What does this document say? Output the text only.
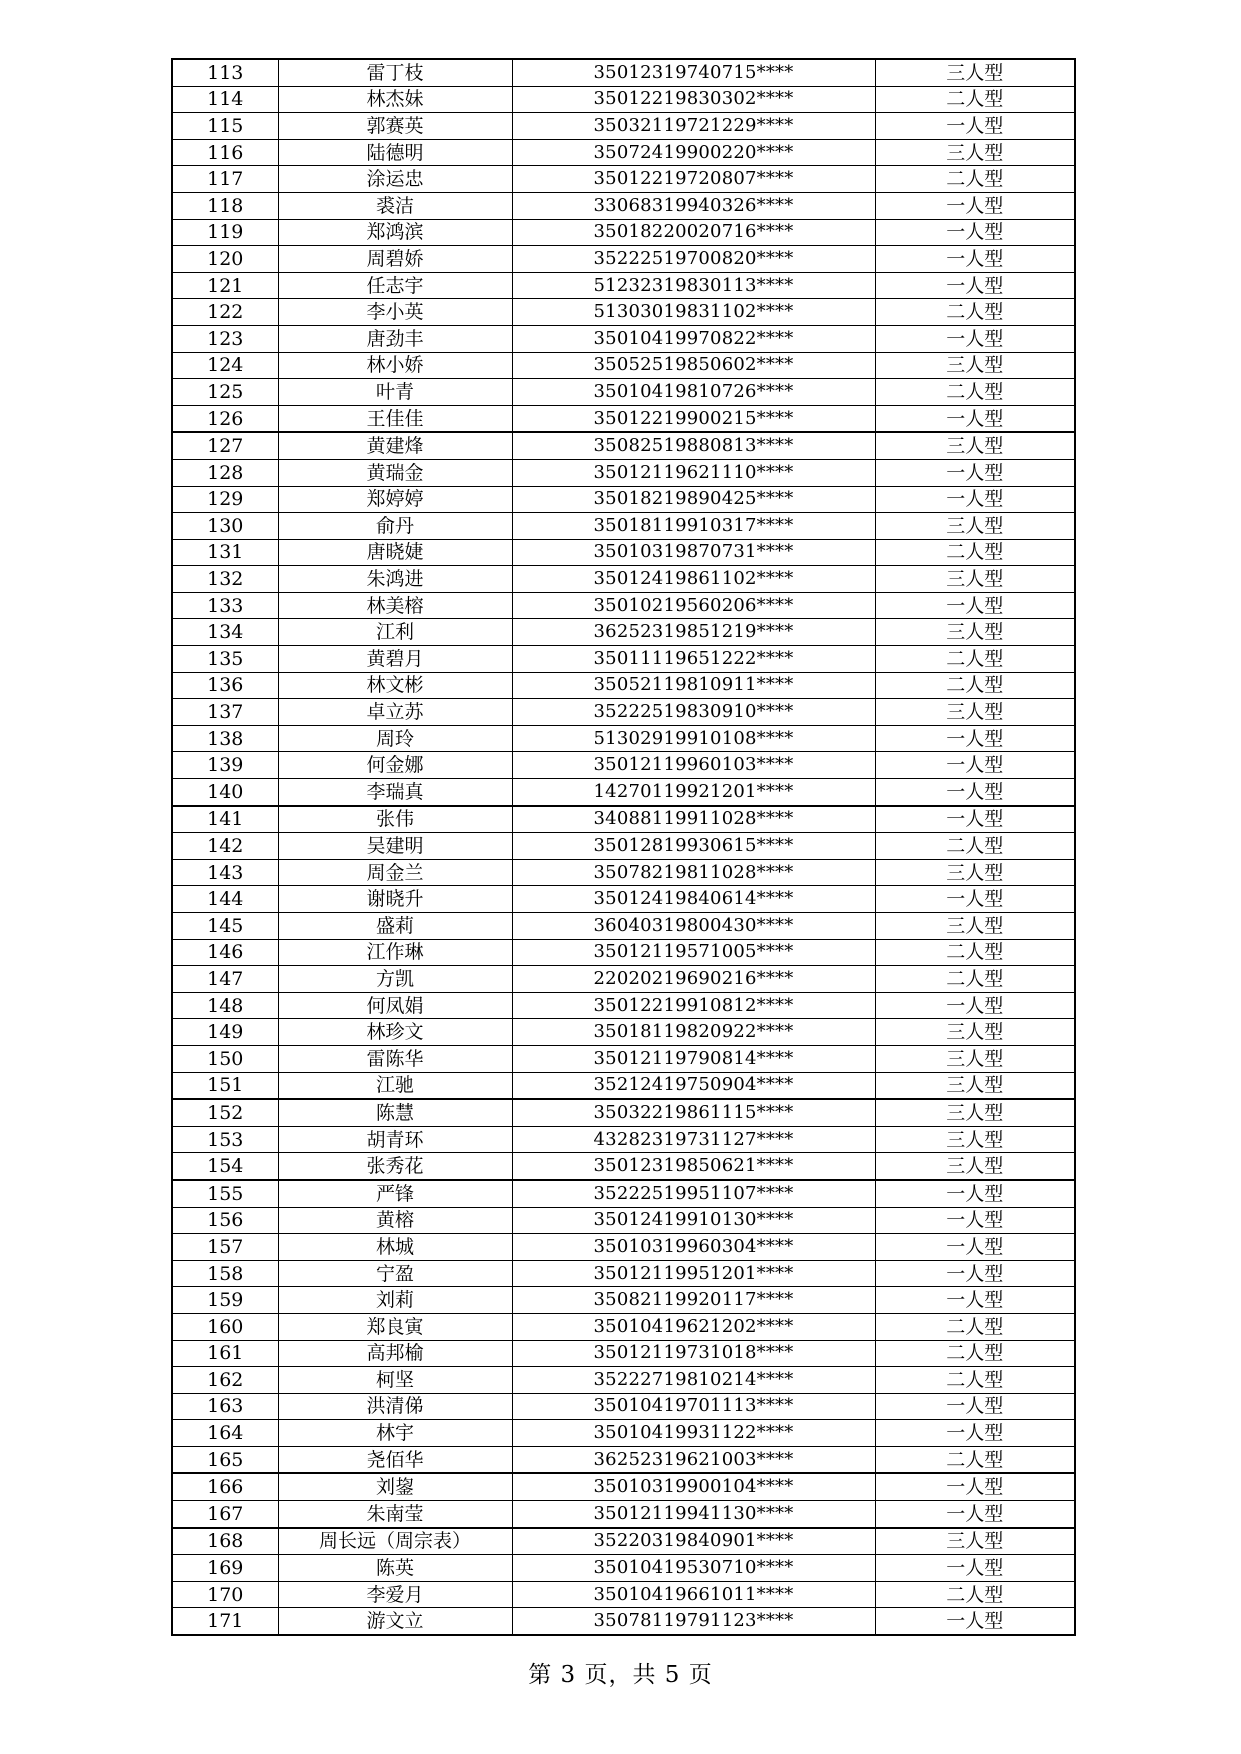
113	雷丁枝	35012319740715****	三人型
114	林杰妹	35012219830302****	二人型
115	郭赛英	35032119721229****	一人型
116	陆德明	35072419900220****	三人型
117	涂运忠	35012219720807****	二人型
118	裘洁	33068319940326****	一人型
119	郑鸿滨	35018220020716****	一人型
120	周碧娇	35222519700820****	一人型
121	任志宇	51232319830113****	一人型
122	李小英	51303019831102****	二人型
123	唐劲丰	35010419970822****	一人型
124	林小娇	35052519850602****	三人型
125	叶青	35010419810726****	二人型
126	王佳佳	35012219900215****	一人型
127	黄建烽	35082519880813****	三人型
128	黄瑞金	35012119621110****	一人型
129	郑婷婷	35018219890425****	一人型
130	俞丹	35018119910317****	三人型
131	唐晓婕	35010319870731****	二人型
132	朱鸿进	35012419861102****	三人型
133	林美榕	35010219560206****	一人型
134	江利	36252319851219****	三人型
135	黄碧月	35011119651222****	二人型
136	林文彬	35052119810911****	二人型
137	卓立苏	35222519830910****	三人型
138	周玲	51302919910108****	一人型
139	何金娜	35012119960103****	一人型
140	李瑞真	14270119921201****	一人型
141	张伟	34088119911028****	一人型
142	吴建明	35012819930615****	二人型
143	周金兰	35078219811028****	三人型
144	谢晓升	35012419840614****	一人型
145	盛莉	36040319800430****	三人型
146	江作琳	35012119571005****	二人型
147	方凯	22020219690216****	二人型
148	何凤娟	35012219910812****	一人型
149	林珍文	35018119820922****	三人型
150	雷陈华	35012119790814****	三人型
151	江驰	35212419750904****	三人型
152	陈慧	35032219861115****	三人型
153	胡青环	43282319731127****	三人型
154	张秀花	35012319850621****	三人型
155	严锋	35222519951107****	一人型
156	黄榕	35012419910130****	一人型
157	林城	35010319960304****	一人型
158	宁盈	35012119951201****	一人型
159	刘莉	35082119920117****	一人型
160	郑良寅	35010419621202****	二人型
161	高邦榆	35012119731018****	二人型
162	柯坚	35222719810214****	二人型
163	洪清俤	35010419701113****	一人型
164	林宇	35010419931122****	一人型
165	尧佰华	36252319621003****	二人型
166	刘鋆	35010319900104****	一人型
167	朱南莹	35012119941130****	一人型
168	周长远（周宗表）	35220319840901****	三人型
169	陈英	35010419530710****	一人型
170	李爱月	35010419661011****	二人型
171	游文立	35078119791123****	一人型
第 3 页，共 5 页
